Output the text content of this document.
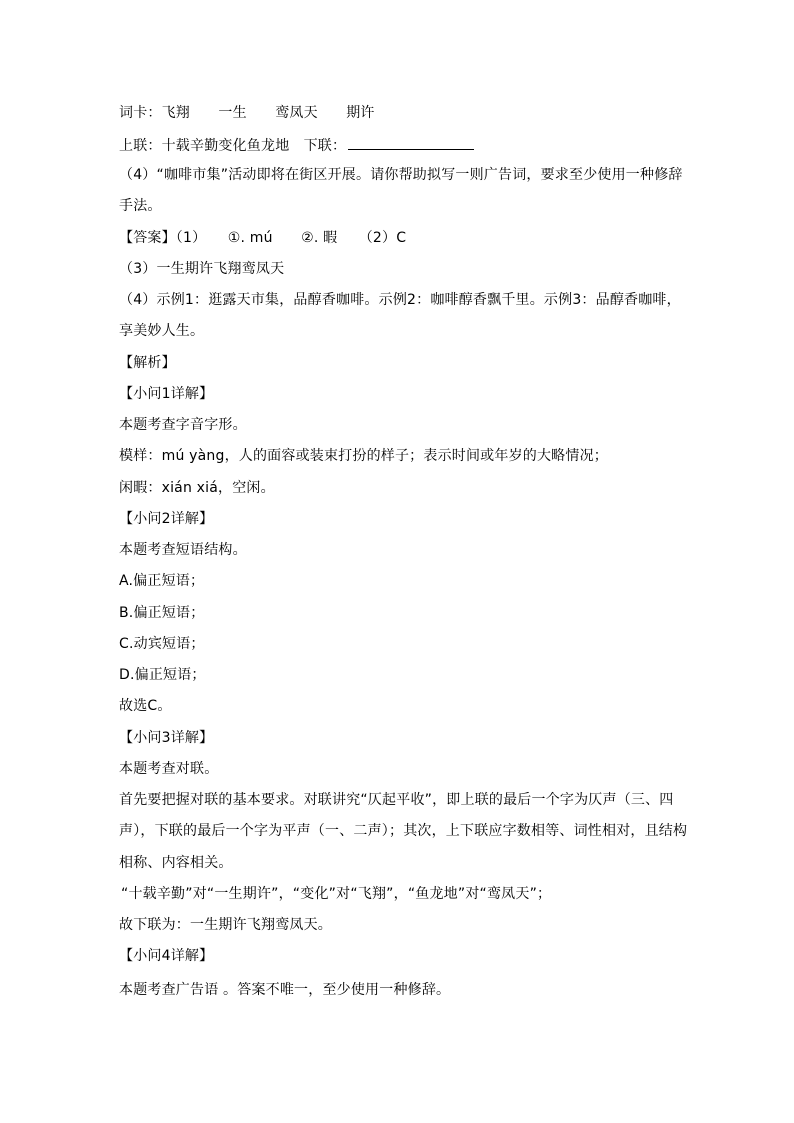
词卡：飞翔　　一生　　鸾凤天　　期许
上联：十载辛勤变化鱼龙地　下联：
（4）“咖啡市集”活动即将在街区开展。请你帮助拟写一则广告词，要求至少使用一种修辞
手法。
【答案】（1）　　①. mú　　②. 暇　　（2）C
（3）一生期许飞翔鸾凤天
（4）示例1：逛露天市集，品醇香咖啡。示例2：咖啡醇香飘千里。示例3：品醇香咖啡，
享美妙人生。
【解析】
【小问1详解】
本题考查字音字形。
模样：mú yàng，人的面容或装束打扮的样子；表示时间或年岁的大略情况；
闲暇：xián xiá，空闲。
【小问2详解】
本题考查短语结构。
A.偏正短语；
B.偏正短语；
C.动宾短语；
D.偏正短语；
故选C。
【小问3详解】
本题考查对联。
首先要把握对联的基本要求。对联讲究“仄起平收”，即上联的最后一个字为仄声（三、四
声），下联的最后一个字为平声（一、二声）；其次，上下联应字数相等、词性相对，且结构
相称、内容相关。
“十载辛勤”对“一生期许”，“变化”对“飞翔”，“鱼龙地”对“鸾凤天”；
故下联为：一生期许飞翔鸾凤天。
【小问4详解】
本题考查广告语 。答案不唯一，至少使用一种修辞。
